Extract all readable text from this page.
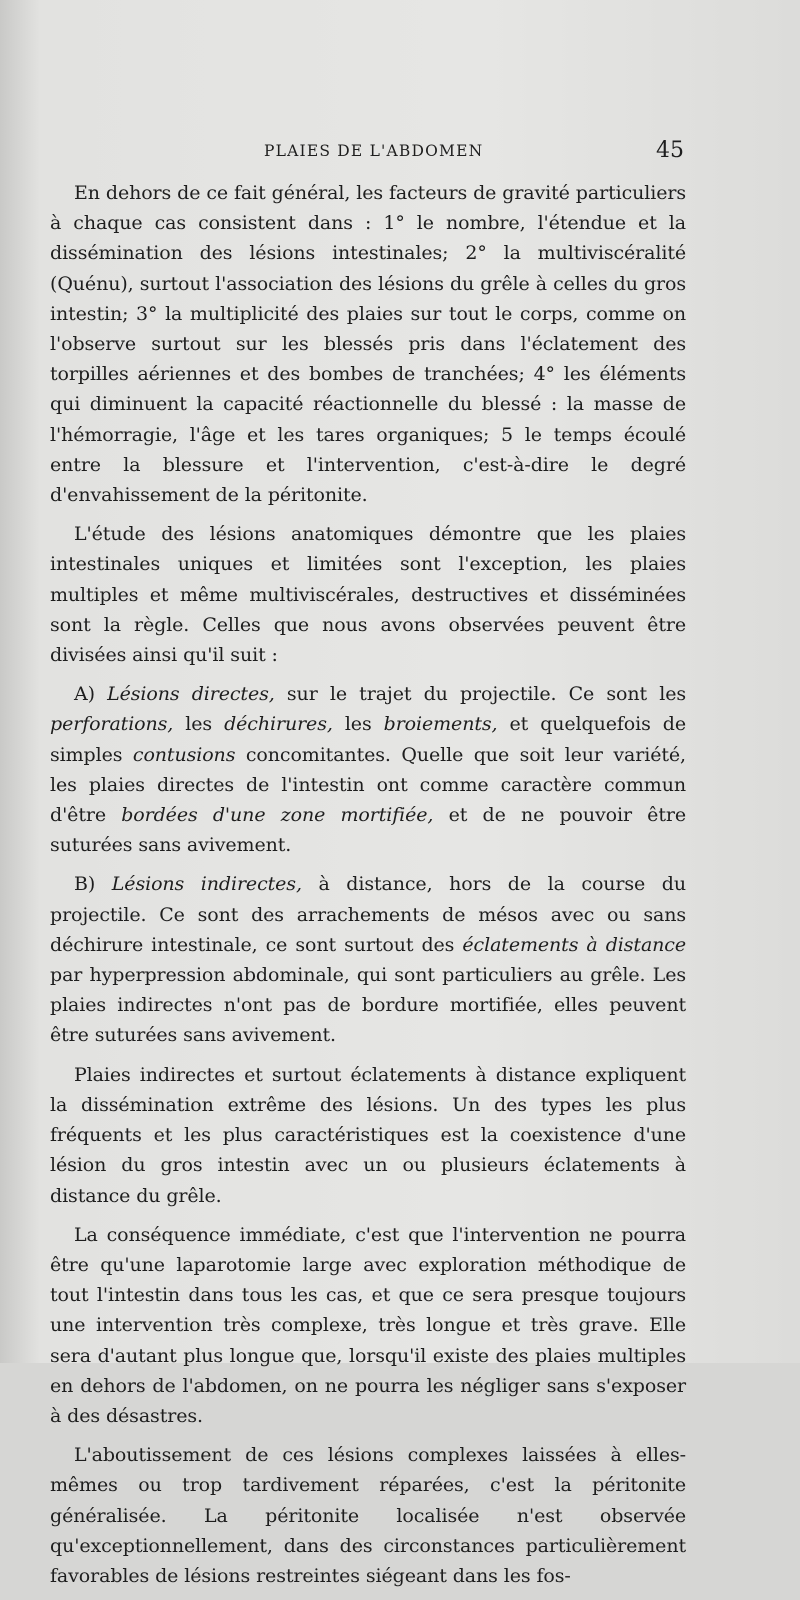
PLAIES DE L'ABDOMEN	45

En dehors de ce fait général, les facteurs de gravité particuliers à chaque cas consistent dans : 1° le nombre, l'étendue et la dissémination des lésions intestinales; 2° la multiviscéralité (Quénu), surtout l'association des lésions du grêle à celles du gros intestin; 3° la multiplicité des plaies sur tout le corps, comme on l'observe surtout sur les blessés pris dans l'éclatement des torpilles aériennes et des bombes de tranchées; 4° les éléments qui diminuent la capacité réactionnelle du blessé : la masse de l'hémorragie, l'âge et les tares organiques; 5 le temps écoulé entre la blessure et l'intervention, c'est-à-dire le degré d'envahissement de la péritonite.

L'étude des lésions anatomiques démontre que les plaies intestinales uniques et limitées sont l'exception, les plaies multiples et même multiviscérales, destructives et disséminées sont la règle. Celles que nous avons observées peuvent être divisées ainsi qu'il suit :

A) Lésions directes, sur le trajet du projectile. Ce sont les perforations, les déchirures, les broiements, et quelquefois de simples contusions concomitantes. Quelle que soit leur variété, les plaies directes de l'intestin ont comme caractère commun d'être bordées d'une zone mortifiée, et de ne pouvoir être suturées sans avivement.

B) Lésions indirectes, à distance, hors de la course du projectile. Ce sont des arrachements de mésos avec ou sans déchirure intestinale, ce sont surtout des éclatements à distance par hyperpression abdominale, qui sont particuliers au grêle. Les plaies indirectes n'ont pas de bordure mortifiée, elles peuvent être suturées sans avivement.

Plaies indirectes et surtout éclatements à distance expliquent la dissémination extrême des lésions. Un des types les plus fréquents et les plus caractéristiques est la coexistence d'une lésion du gros intestin avec un ou plusieurs éclatements à distance du grêle.

La conséquence immédiate, c'est que l'intervention ne pourra être qu'une laparotomie large avec exploration méthodique de tout l'intestin dans tous les cas, et que ce sera presque toujours une intervention très complexe, très longue et très grave. Elle sera d'autant plus longue que, lorsqu'il existe des plaies multiples en dehors de l'abdomen, on ne pourra les négliger sans s'exposer à des désastres.

L'aboutissement de ces lésions complexes laissées à elles-mêmes ou trop tardivement réparées, c'est la péritonite généralisée. La péritonite localisée n'est observée qu'exceptionnellement, dans des circonstances particulièrement favorables de lésions restreintes siégeant dans les fos-
